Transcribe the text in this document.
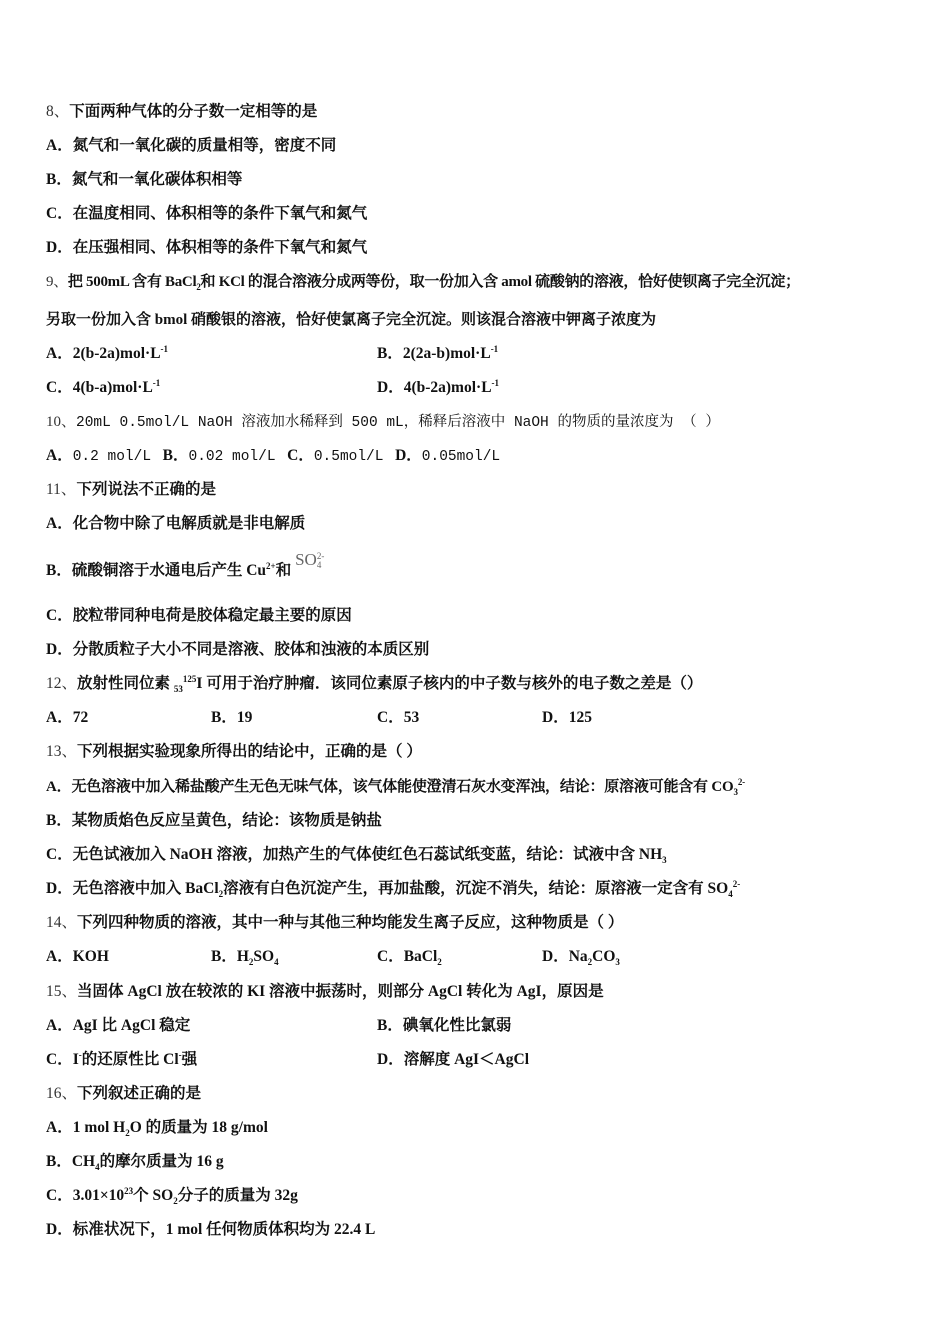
8、下面两种气体的分子数一定相等的是
A．氮气和一氧化碳的质量相等，密度不同
B．氮气和一氧化碳体积相等
C．在温度相同、体积相等的条件下氧气和氮气
D．在压强相同、体积相等的条件下氧气和氮气
9、把 500mL 含有 BaCl$_2$和 KCl 的混合溶液分成两等份，取一份加入含 amol 硫酸钠的溶液，恰好使钡离子完全沉淀；
另取一份加入含 bmol 硝酸银的溶液，恰好使氯离子完全沉淀。则该混合溶液中钾离子浓度为
A．$2(b-2a)mol\cdot L^{-1}$	B．$2(2a-b)mol\cdot L^{-1}$
C．$4(b-a)mol\cdot L^{-1}$	D．$4(b-2a)mol\cdot L^{-1}$
10、20mL 0.5mol/L NaOH 溶液加水稀释到 500 mL，稀释后溶液中 NaOH 的物质的量浓度为 （ ）
A．0.2 mol/L B．0.02 mol/L C．0.5mol/L D．0.05mol/L
11、下列说法不正确的是
A．化合物中除了电解质就是非电解质
B．硫酸铜溶于水通电后产生 $Cu^{2+}$和 SO 2-
4
C．胶粒带同种电荷是胶体稳定最主要的原因
D．分散质粒子大小不同是溶液、胶体和浊液的本质区别
12、放射性同位素 $_{53}^{125}$I 可用于治疗肿瘤．该同位素原子核内的中子数与核外的电子数之差是（）
A．72	B．19	C．53	D．125
13、下列根据实验现象所得出的结论中，正确的是（ ）
A．无色溶液中加入稀盐酸产生无色无味气体，该气体能使澄清石灰水变浑浊，结论：原溶液可能含有 $CO_3^{2-}$
B．某物质焰色反应呈黄色，结论：该物质是钠盐
C．无色试液加入 NaOH 溶液，加热产生的气体使红色石蕊试纸变蓝，结论：试液中含 $NH_3$
D．无色溶液中加入 BaCl$_2$溶液有白色沉淀产生，再加盐酸，沉淀不消失，结论：原溶液一定含有 $SO_4^{2-}$
14、下列四种物质的溶液，其中一种与其他三种均能发生离子反应，这种物质是（ ）
A．KOH	B．$H_2SO_4$	C．BaCl$_2$	D．$Na_2CO_3$
15、当固体 AgCl 放在较浓的 KI 溶液中振荡时，则部分 AgCl 转化为 AgI，原因是
A．AgI 比 AgCl 稳定	B．碘氧化性比氯弱
C．I-的还原性比 Cl-强	D．溶解度 AgI＜AgCl
16、下列叙述正确的是
A．1 mol $H_2O$ 的质量为 18 g/mol
B．$CH_4$的摩尔质量为 16 g
C．$3.01\times 10^{23}$个 $SO_2$分子的质量为 32g
D．标准状况下，1 mol 任何物质体积均为 22.4 L
